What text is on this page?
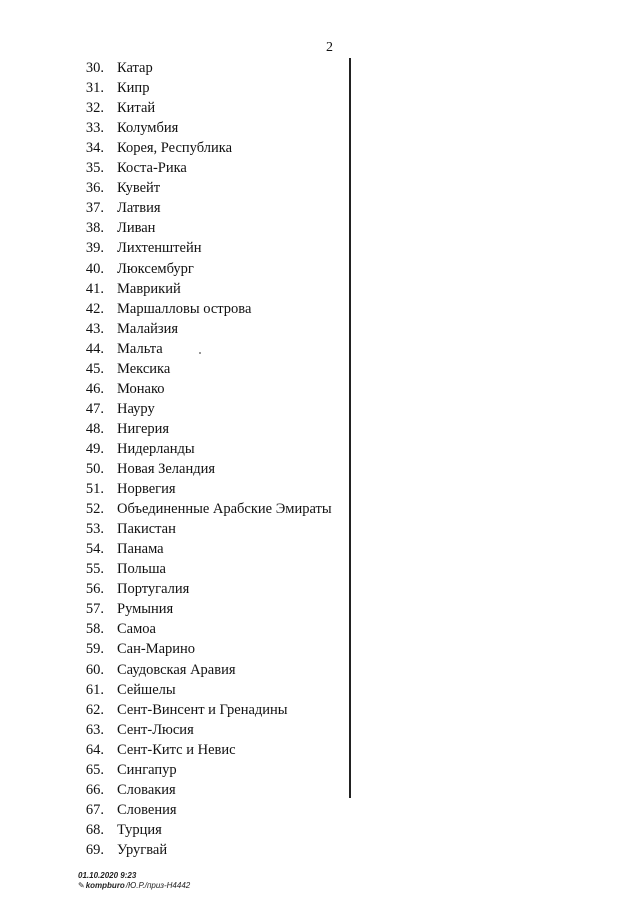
2
30. Катар
31. Кипр
32. Китай
33. Колумбия
34. Корея, Республика
35. Коста-Рика
36. Кувейт
37. Латвия
38. Ливан
39. Лихтенштейн
40. Люксембург
41. Маврикий
42. Маршалловы острова
43. Малайзия
44. Мальта
45. Мексика
46. Монако
47. Науру
48. Нигерия
49. Нидерланды
50. Новая Зеландия
51. Норвегия
52. Объединенные Арабские Эмираты
53. Пакистан
54. Панама
55. Польша
56. Португалия
57. Румыния
58. Самоа
59. Сан-Марино
60. Саудовская Аравия
61. Сейшелы
62. Сент-Винсент и Гренадины
63. Сент-Люсия
64. Сент-Китс и Невис
65. Сингапур
66. Словакия
67. Словения
68. Турция
69. Уругвай
01.10.2020 9:23
✎ kompburo /Ю.Р./приз-Н4442
